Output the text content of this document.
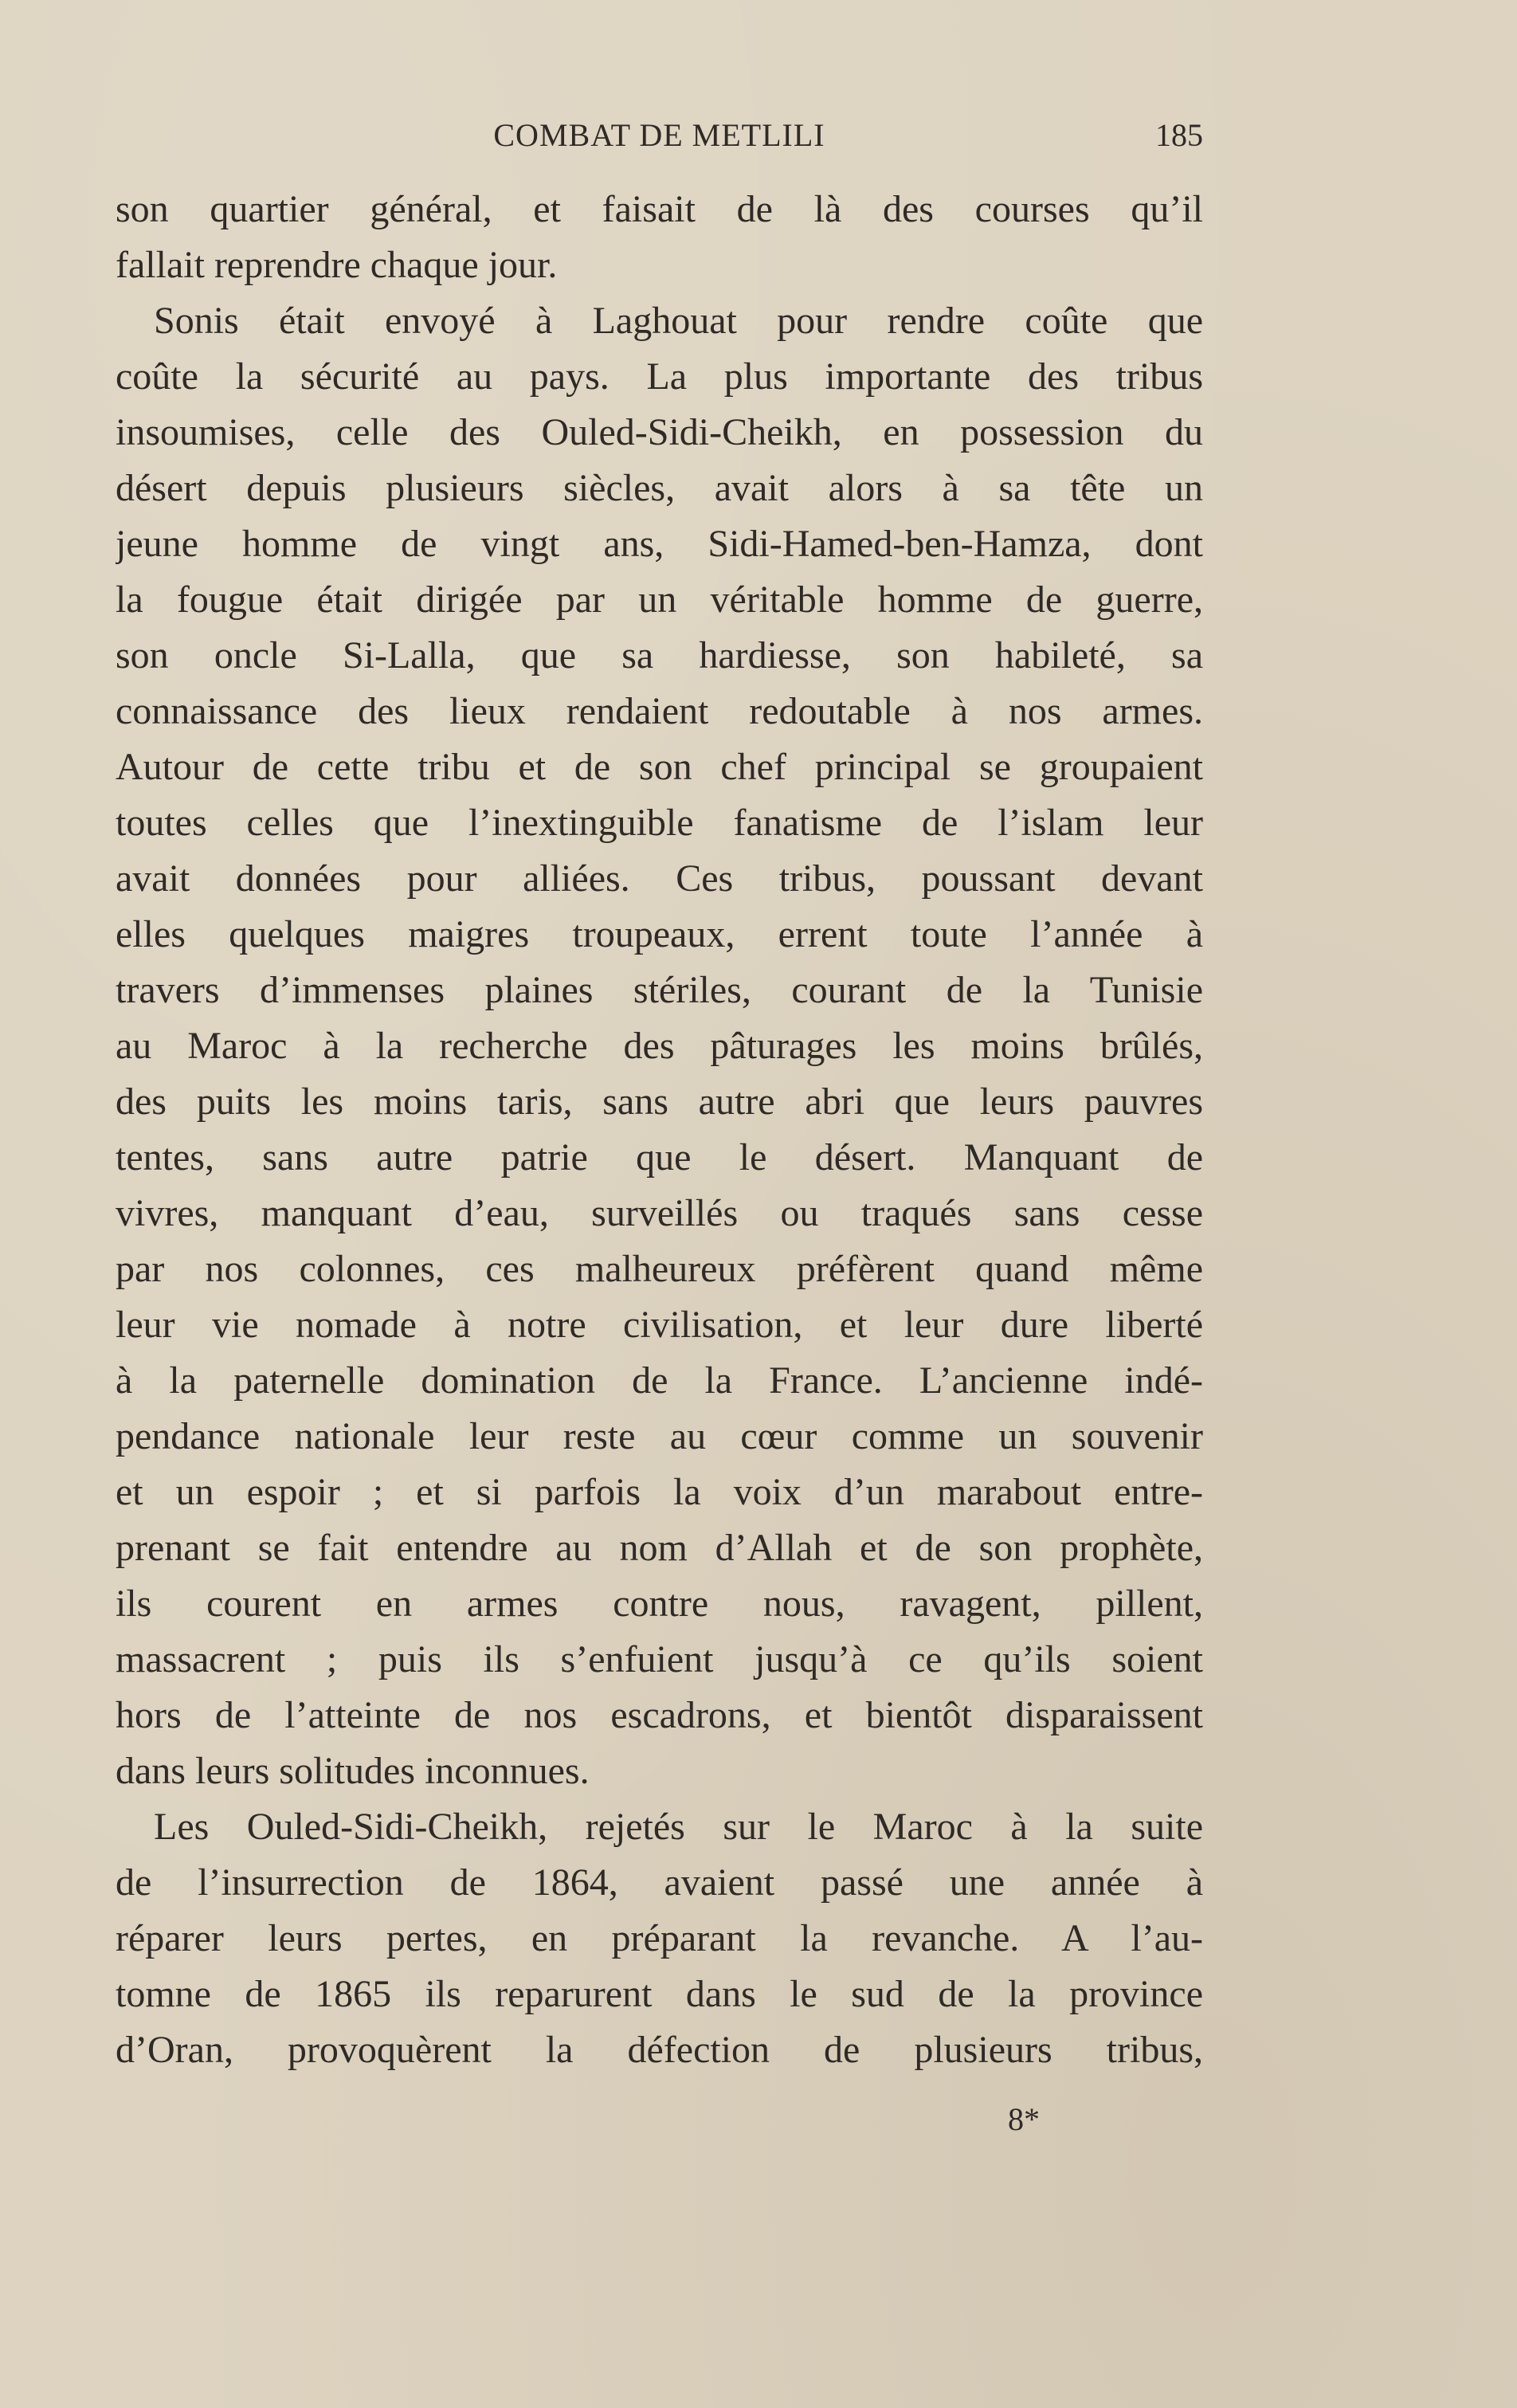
COMBAT DE METLILI	185
son quartier général, et faisait de là des courses qu’il
fallait reprendre chaque jour.
Sonis était envoyé à Laghouat pour rendre coûte que
coûte la sécurité au pays. La plus importante des tribus
insoumises, celle des Ouled-Sidi-Cheikh, en possession du
désert depuis plusieurs siècles, avait alors à sa tête un
jeune homme de vingt ans, Sidi-Hamed-ben-Hamza, dont
la fougue était dirigée par un véritable homme de guerre,
son oncle Si-Lalla, que sa hardiesse, son habileté, sa
connaissance des lieux rendaient redoutable à nos armes.
Autour de cette tribu et de son chef principal se groupaient
toutes celles que l’inextinguible fanatisme de l’islam leur
avait données pour alliées. Ces tribus, poussant devant
elles quelques maigres troupeaux, errent toute l’année à
travers d’immenses plaines stériles, courant de la Tunisie
au Maroc à la recherche des pâturages les moins brûlés,
des puits les moins taris, sans autre abri que leurs pauvres
tentes, sans autre patrie que le désert. Manquant de
vivres, manquant d’eau, surveillés ou traqués sans cesse
par nos colonnes, ces malheureux préfèrent quand même
leur vie nomade à notre civilisation, et leur dure liberté
à la paternelle domination de la France. L’ancienne indé-
pendance nationale leur reste au cœur comme un souvenir
et un espoir ; et si parfois la voix d’un marabout entre-
prenant se fait entendre au nom d’Allah et de son prophète,
ils courent en armes contre nous, ravagent, pillent,
massacrent ; puis ils s’enfuient jusqu’à ce qu’ils soient
hors de l’atteinte de nos escadrons, et bientôt disparaissent
dans leurs solitudes inconnues.
Les Ouled-Sidi-Cheikh, rejetés sur le Maroc à la suite
de l’insurrection de 1864, avaient passé une année à
réparer leurs pertes, en préparant la revanche. A l’au-
tomne de 1865 ils reparurent dans le sud de la province
d’Oran, provoquèrent la défection de plusieurs tribus,
8*
